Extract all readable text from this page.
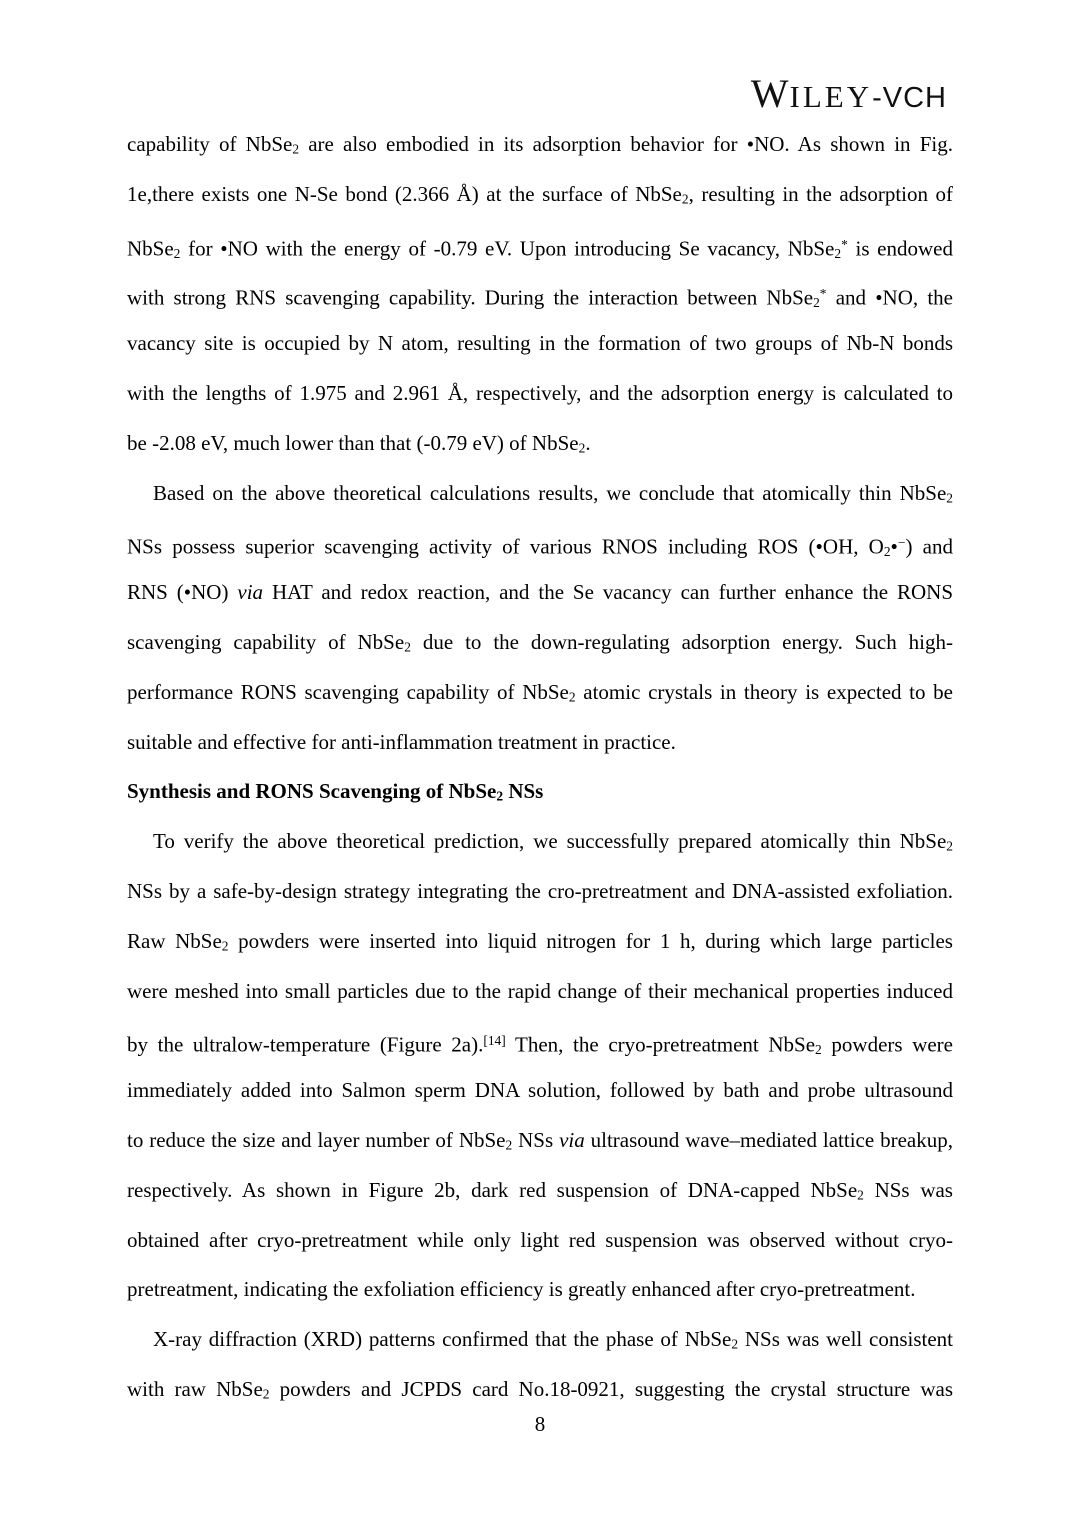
WILEY-VCH
capability of NbSe2 are also embodied in its adsorption behavior for •NO. As shown in Fig.
1e,there exists one N-Se bond (2.366 Å) at the surface of NbSe2, resulting in the adsorption of
NbSe2 for •NO with the energy of -0.79 eV. Upon introducing Se vacancy, NbSe2* is endowed
with strong RNS scavenging capability. During the interaction between NbSe2* and •NO, the
vacancy site is occupied by N atom, resulting in the formation of two groups of Nb-N bonds
with the lengths of 1.975 and 2.961 Å, respectively, and the adsorption energy is calculated to
be -2.08 eV, much lower than that (-0.79 eV) of NbSe2.
Based on the above theoretical calculations results, we conclude that atomically thin NbSe2
NSs possess superior scavenging activity of various RNOS including ROS (•OH, O2•−) and
RNS (•NO) via HAT and redox reaction, and the Se vacancy can further enhance the RONS
scavenging capability of NbSe2 due to the down-regulating adsorption energy. Such high-
performance RONS scavenging capability of NbSe2 atomic crystals in theory is expected to be
suitable and effective for anti-inflammation treatment in practice.
Synthesis and RONS Scavenging of NbSe2 NSs
To verify the above theoretical prediction, we successfully prepared atomically thin NbSe2
NSs by a safe-by-design strategy integrating the cro-pretreatment and DNA-assisted exfoliation.
Raw NbSe2 powders were inserted into liquid nitrogen for 1 h, during which large particles
were meshed into small particles due to the rapid change of their mechanical properties induced
by the ultralow-temperature (Figure 2a).[14] Then, the cryo-pretreatment NbSe2 powders were
immediately added into Salmon sperm DNA solution, followed by bath and probe ultrasound
to reduce the size and layer number of NbSe2 NSs via ultrasound wave–mediated lattice breakup,
respectively. As shown in Figure 2b, dark red suspension of DNA-capped NbSe2 NSs was
obtained after cryo-pretreatment while only light red suspension was observed without cryo-
pretreatment, indicating the exfoliation efficiency is greatly enhanced after cryo-pretreatment.
X-ray diffraction (XRD) patterns confirmed that the phase of NbSe2 NSs was well consistent
with raw NbSe2 powders and JCPDS card No.18-0921, suggesting the crystal structure was
8
